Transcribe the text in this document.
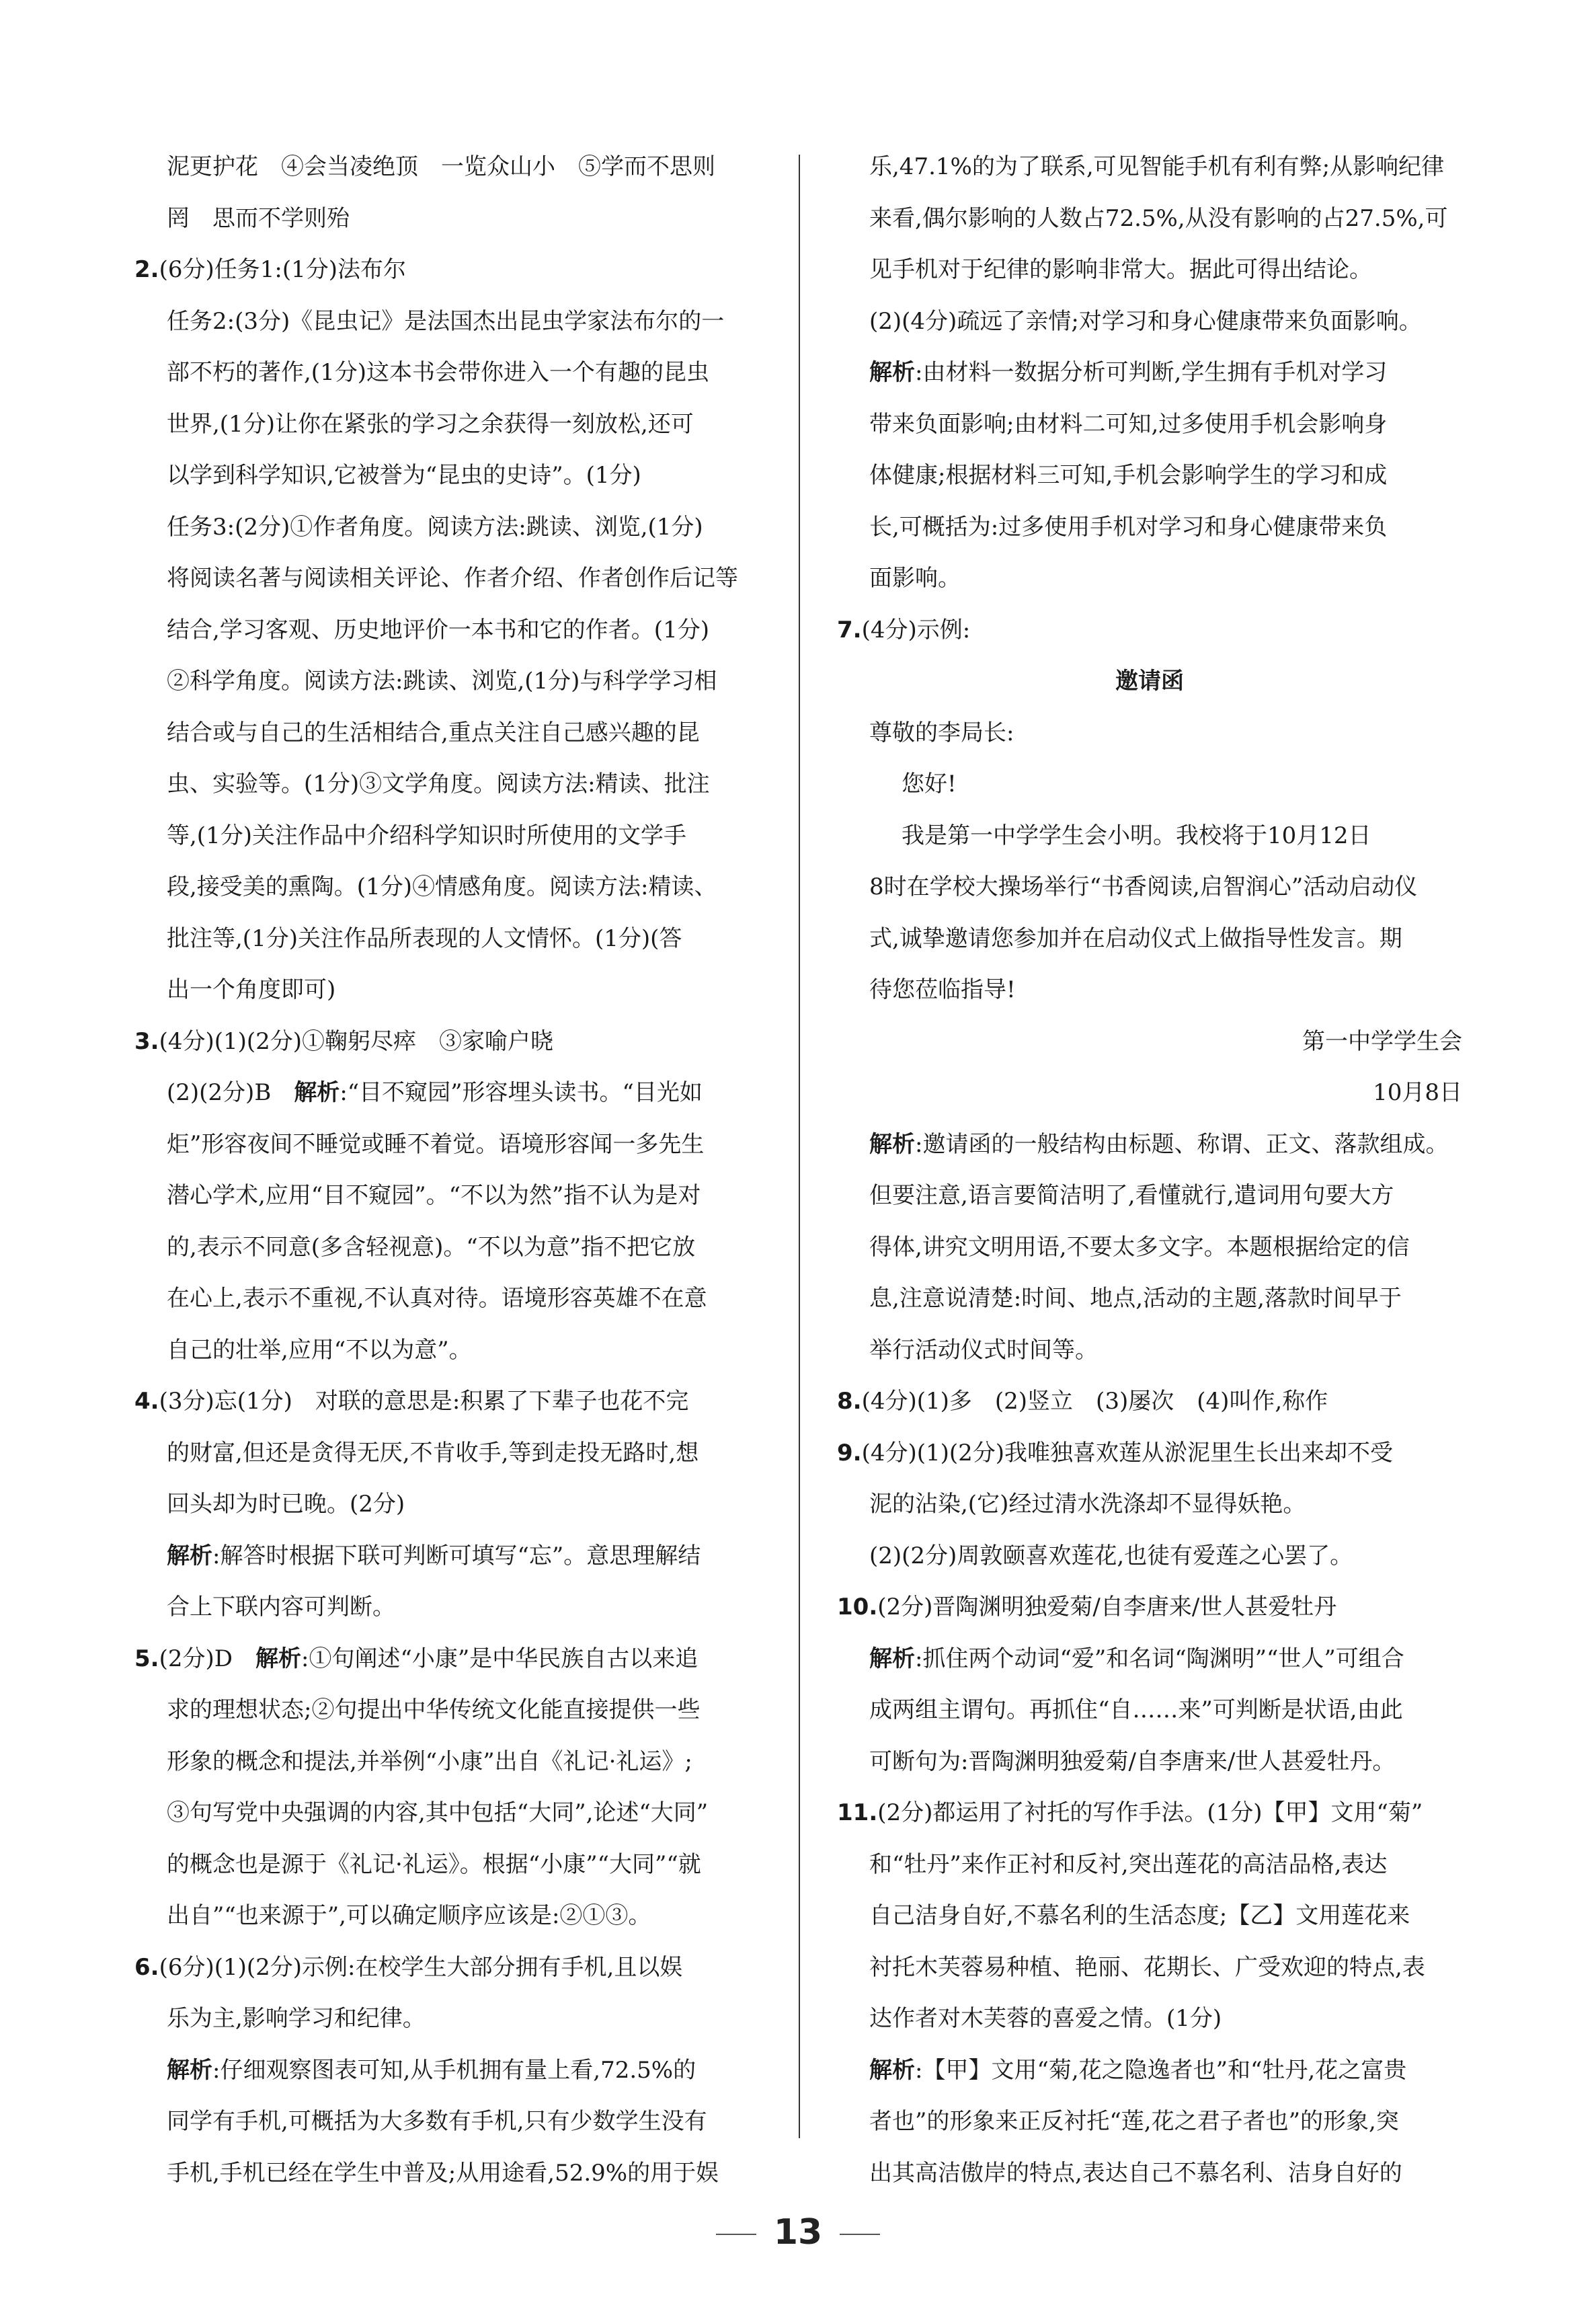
泥更护花　④会当凌绝顶　一览众山小　⑤学而不思则
罔　思而不学则殆
2.(6分)任务1:(1分)法布尔
任务2:(3分)《昆虫记》是法国杰出昆虫学家法布尔的一
部不朽的著作,(1分)这本书会带你进入一个有趣的昆虫
世界,(1分)让你在紧张的学习之余获得一刻放松,还可
以学到科学知识,它被誉为“昆虫的史诗”。(1分)
任务3:(2分)①作者角度。阅读方法:跳读、浏览,(1分)
将阅读名著与阅读相关评论、作者介绍、作者创作后记等
结合,学习客观、历史地评价一本书和它的作者。(1分)
②科学角度。阅读方法:跳读、浏览,(1分)与科学学习相
结合或与自己的生活相结合,重点关注自己感兴趣的昆
虫、实验等。(1分)③文学角度。阅读方法:精读、批注
等,(1分)关注作品中介绍科学知识时所使用的文学手
段,接受美的熏陶。(1分)④情感角度。阅读方法:精读、
批注等,(1分)关注作品所表现的人文情怀。(1分)(答
出一个角度即可)
3.(4分)(1)(2分)①鞠躬尽瘁　③家喻户晓
(2)(2分)B　解析:“目不窥园”形容埋头读书。“目光如
炬”形容夜间不睡觉或睡不着觉。语境形容闻一多先生
潜心学术,应用“目不窥园”。“不以为然”指不认为是对
的,表示不同意(多含轻视意)。“不以为意”指不把它放
在心上,表示不重视,不认真对待。语境形容英雄不在意
自己的壮举,应用“不以为意”。
4.(3分)忘(1分)　对联的意思是:积累了下辈子也花不完
的财富,但还是贪得无厌,不肯收手,等到走投无路时,想
回头却为时已晚。(2分)
解析:解答时根据下联可判断可填写“忘”。意思理解结
合上下联内容可判断。
5.(2分)D　解析:①句阐述“小康”是中华民族自古以来追
求的理想状态;②句提出中华传统文化能直接提供一些
形象的概念和提法,并举例“小康”出自《礼记·礼运》;
③句写党中央强调的内容,其中包括“大同”,论述“大同”
的概念也是源于《礼记·礼运》。根据“小康”“大同”“就
出自”“也来源于”,可以确定顺序应该是:②①③。
6.(6分)(1)(2分)示例:在校学生大部分拥有手机,且以娱
乐为主,影响学习和纪律。
解析:仔细观察图表可知,从手机拥有量上看,72.5%的
同学有手机,可概括为大多数有手机,只有少数学生没有
手机,手机已经在学生中普及;从用途看,52.9%的用于娱
乐,47.1%的为了联系,可见智能手机有利有弊;从影响纪律
来看,偶尔影响的人数占72.5%,从没有影响的占27.5%,可
见手机对于纪律的影响非常大。据此可得出结论。
(2)(4分)疏远了亲情;对学习和身心健康带来负面影响。
解析:由材料一数据分析可判断,学生拥有手机对学习
带来负面影响;由材料二可知,过多使用手机会影响身
体健康;根据材料三可知,手机会影响学生的学习和成
长,可概括为:过多使用手机对学习和身心健康带来负
面影响。
7.(4分)示例:
邀请函
尊敬的李局长:
您好!
我是第一中学学生会小明。我校将于10月12日
8时在学校大操场举行“书香阅读,启智润心”活动启动仪
式,诚挚邀请您参加并在启动仪式上做指导性发言。期
待您莅临指导!
第一中学学生会
10月8日
解析:邀请函的一般结构由标题、称谓、正文、落款组成。
但要注意,语言要简洁明了,看懂就行,遣词用句要大方
得体,讲究文明用语,不要太多文字。本题根据给定的信
息,注意说清楚:时间、地点,活动的主题,落款时间早于
举行活动仪式时间等。
8.(4分)(1)多　(2)竖立　(3)屡次　(4)叫作,称作
9.(4分)(1)(2分)我唯独喜欢莲从淤泥里生长出来却不受
泥的沾染,(它)经过清水洗涤却不显得妖艳。
(2)(2分)周敦颐喜欢莲花,也徒有爱莲之心罢了。
10.(2分)晋陶渊明独爱菊/自李唐来/世人甚爱牡丹
解析:抓住两个动词“爱”和名词“陶渊明”“世人”可组合
成两组主谓句。再抓住“自……来”可判断是状语,由此
可断句为:晋陶渊明独爱菊/自李唐来/世人甚爱牡丹。
11.(2分)都运用了衬托的写作手法。(1分)【甲】文用“菊”
和“牡丹”来作正衬和反衬,突出莲花的高洁品格,表达
自己洁身自好,不慕名利的生活态度;【乙】文用莲花来
衬托木芙蓉易种植、艳丽、花期长、广受欢迎的特点,表
达作者对木芙蓉的喜爱之情。(1分)
解析:【甲】文用“菊,花之隐逸者也”和“牡丹,花之富贵
者也”的形象来正反衬托“莲,花之君子者也”的形象,突
出其高洁傲岸的特点,表达自己不慕名利、洁身自好的
13
